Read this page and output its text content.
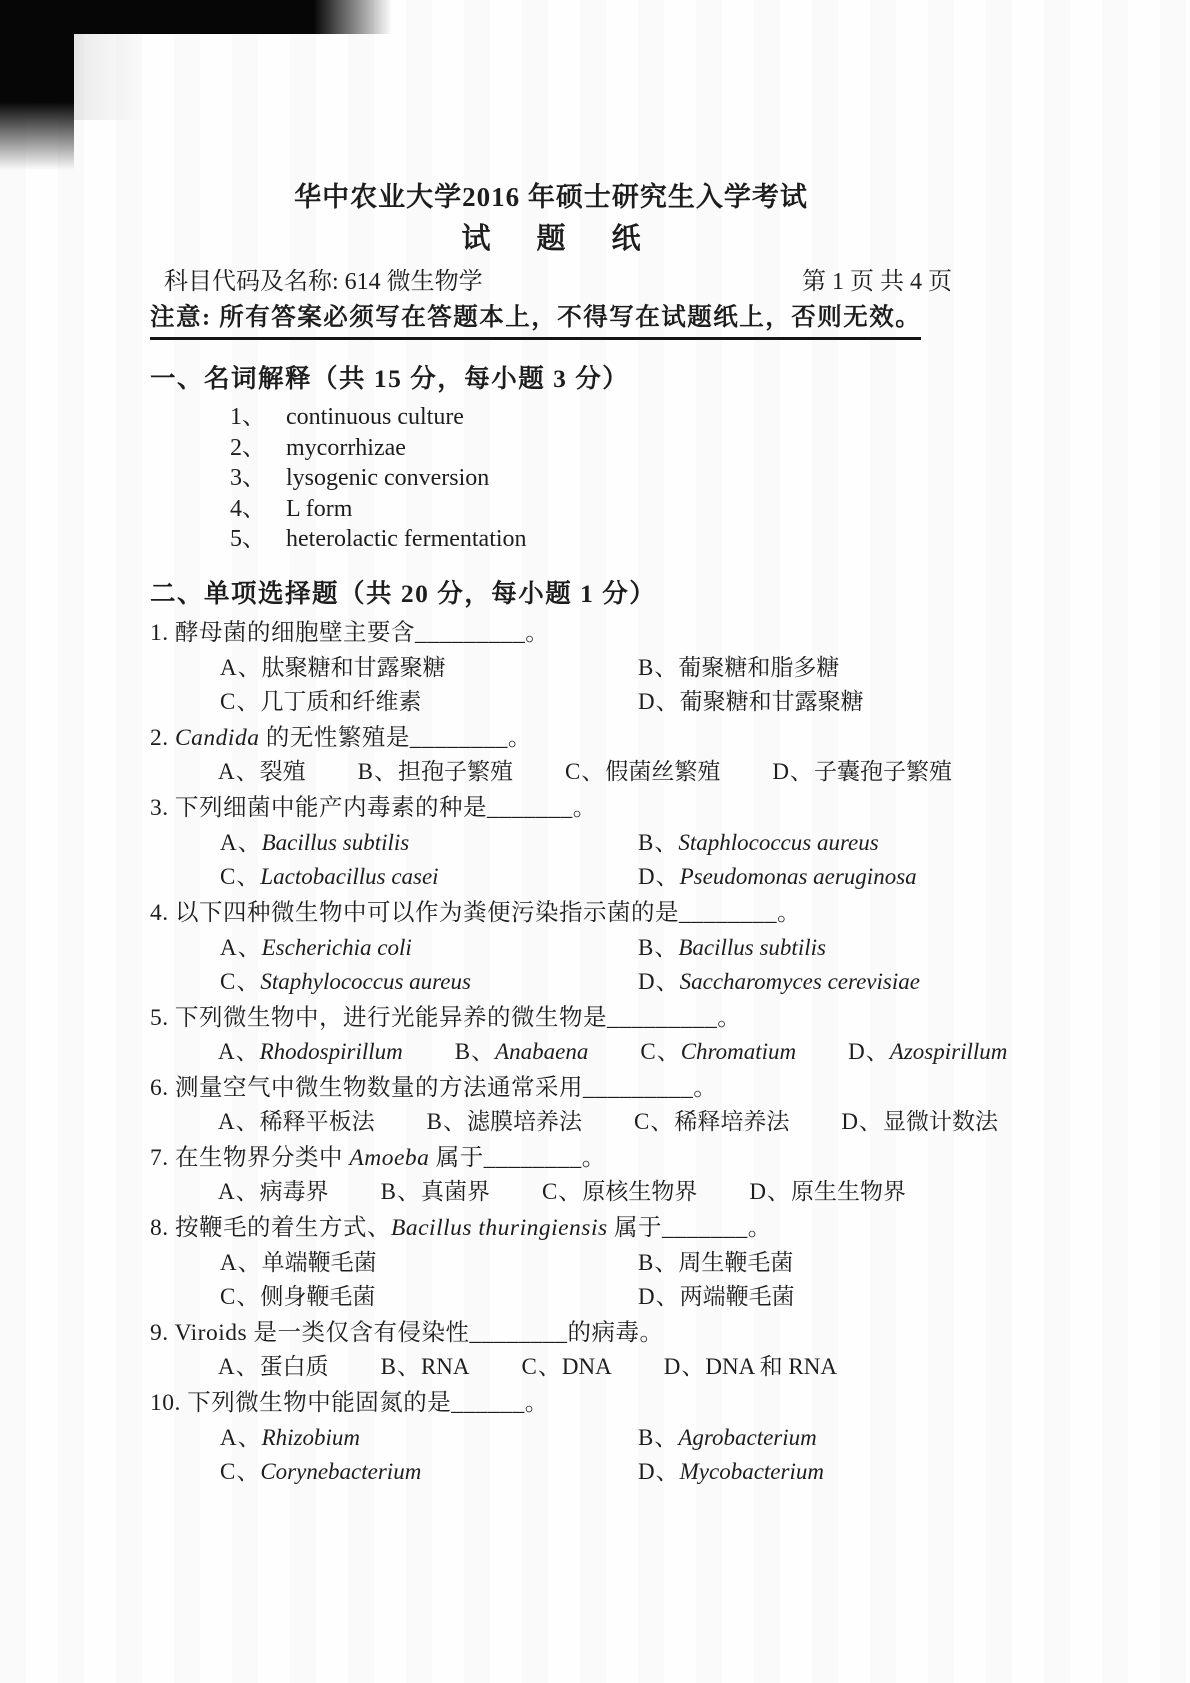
华中农业大学2016 年硕士研究生入学考试
试题纸
科目代码及名称: 614 微生物学	第 1 页 共 4 页
注意: 所有答案必须写在答题本上，不得写在试题纸上，否则无效。
一、名词解释（共 15 分，每小题 3 分）
1、 continuous culture
2、 mycorrhizae
3、 lysogenic conversion
4、 L form
5、 heterolactic fermentation
二、单项选择题（共 20 分，每小题 1 分）
1. 酵母菌的细胞壁主要含_________。
A、肽聚糖和甘露聚糖	B、葡聚糖和脂多糖
C、几丁质和纤维素	D、葡聚糖和甘露聚糖
2. Candida 的无性繁殖是________。
A、裂殖 B、担孢子繁殖 C、假菌丝繁殖 D、子囊孢子繁殖
3. 下列细菌中能产内毒素的种是_______。
A、Bacillus subtilis	B、Staphlococcus aureus
C、Lactobacillus casei	D、Pseudomonas aeruginosa
4. 以下四种微生物中可以作为粪便污染指示菌的是________。
A、Escherichia coli	B、Bacillus subtilis
C、Staphylococcus aureus	D、Saccharomyces cerevisiae
5. 下列微生物中，进行光能异养的微生物是_________。
A、Rhodospirillum B、Anabaena C、Chromatium D、Azospirillum
6. 测量空气中微生物数量的方法通常采用_________。
A、稀释平板法 B、滤膜培养法 C、稀释培养法 D、显微计数法
7. 在生物界分类中 Amoeba 属于________。
A、病毒界 B、真菌界 C、原核生物界 D、原生生物界
8. 按鞭毛的着生方式、Bacillus thuringiensis 属于_______。
A、单端鞭毛菌	B、周生鞭毛菌
C、侧身鞭毛菌	D、两端鞭毛菌
9. Viroids 是一类仅含有侵染性________的病毒。
A、蛋白质 B、RNA C、DNA D、DNA 和 RNA
10. 下列微生物中能固氮的是______。
A、Rhizobium	B、Agrobacterium
C、Corynebacterium	D、Mycobacterium
